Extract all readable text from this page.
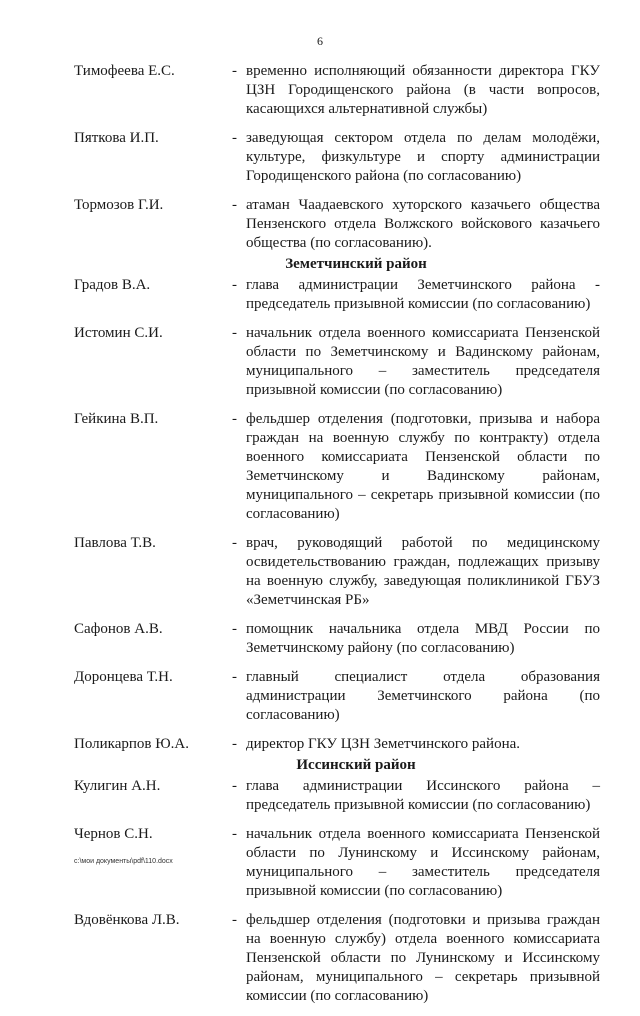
6
Тимофеева Е.С.	- временно исполняющий обязанности директора ГКУ ЦЗН Городищенского района (в части вопросов, касающихся альтернативной службы)
Пяткова И.П.	- заведующая сектором отдела по делам молодёжи, культуре, физкультуре и спорту администрации Городищенского района (по согласованию)
Тормозов Г.И.	- атаман Чаадаевского хуторского казачьего общества Пензенского отдела Волжского войскового казачьего общества (по согласованию).
Земетчинский район
Градов В.А.	- глава администрации Земетчинского района - председатель призывной комиссии (по согласованию)
Истомин С.И.	- начальник отдела военного комиссариата Пензенской области по Земетчинскому и Вадинскому районам, муниципального – заместитель председателя призывной комиссии (по согласованию)
Гейкина В.П.	- фельдшер отделения (подготовки, призыва и набора граждан на военную службу по контракту) отдела военного комиссариата Пензенской области по Земетчинскому и Вадинскому районам, муниципального – секретарь призывной комиссии (по согласованию)
Павлова Т.В.	- врач, руководящий работой по медицинскому освидетельствованию граждан, подлежащих призыву на военную службу, заведующая поликлиникой ГБУЗ «Земетчинская РБ»
Сафонов А.В.	- помощник начальника отдела МВД России по Земетчинскому району (по согласованию)
Доронцева Т.Н.	- главный специалист отдела образования администрации Земетчинского района (по согласованию)
Поликарпов Ю.А.	- директор ГКУ ЦЗН Земетчинского района.
Иссинский район
Кулигин А.Н.	- глава администрации Иссинского района – председатель призывной комиссии (по согласованию)
Чернов С.Н.	- начальник отдела военного комиссариата Пензенской области по Лунинскому и Иссинскому районам, муниципального – заместитель председателя призывной комиссии (по согласованию)
Вдовёнкова Л.В.	- фельдшер отделения (подготовки и призыва граждан на военную службу) отдела военного комиссариата Пензенской области по Лунинскому и Иссинскому районам, муниципального – секретарь призывной комиссии (по согласованию)
c:\мои документы\pdf\110.docx
